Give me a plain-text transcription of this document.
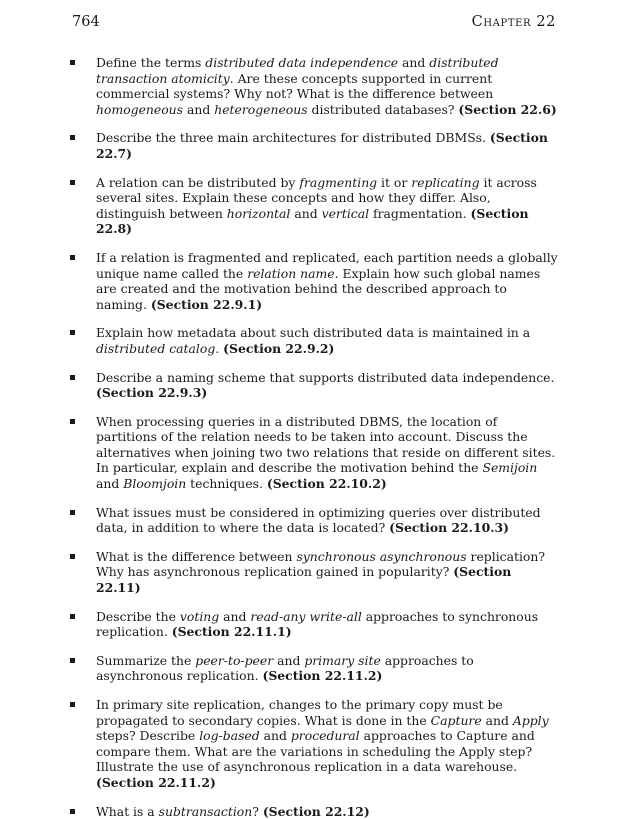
764	Chapter 22
Define the terms distributed data independence and distributed transaction atomicity. Are these concepts supported in current commercial systems? Why not? What is the difference between homogeneous and heterogeneous distributed databases? (Section 22.6)
Describe the three main architectures for distributed DBMSs. (Section 22.7)
A relation can be distributed by fragmenting it or replicating it across several sites. Explain these concepts and how they differ. Also, distinguish between horizontal and vertical fragmentation. (Section 22.8)
If a relation is fragmented and replicated, each partition needs a globally unique name called the relation name. Explain how such global names are created and the motivation behind the described approach to naming. (Section 22.9.1)
Explain how metadata about such distributed data is maintained in a distributed catalog. (Section 22.9.2)
Describe a naming scheme that supports distributed data independence. (Section 22.9.3)
When processing queries in a distributed DBMS, the location of partitions of the relation needs to be taken into account. Discuss the alternatives when joining two two relations that reside on different sites. In particular, explain and describe the motivation behind the Semijoin and Bloomjoin techniques. (Section 22.10.2)
What issues must be considered in optimizing queries over distributed data, in addition to where the data is located? (Section 22.10.3)
What is the difference between synchronous asynchronous replication? Why has asynchronous replication gained in popularity? (Section 22.11)
Describe the voting and read-any write-all approaches to synchronous replication. (Section 22.11.1)
Summarize the peer-to-peer and primary site approaches to asynchronous replication. (Section 22.11.2)
In primary site replication, changes to the primary copy must be propagated to secondary copies. What is done in the Capture and Apply steps? Describe log-based and procedural approaches to Capture and compare them. What are the variations in scheduling the Apply step? Illustrate the use of asynchronous replication in a data warehouse. (Section 22.11.2)
What is a subtransaction? (Section 22.12)
